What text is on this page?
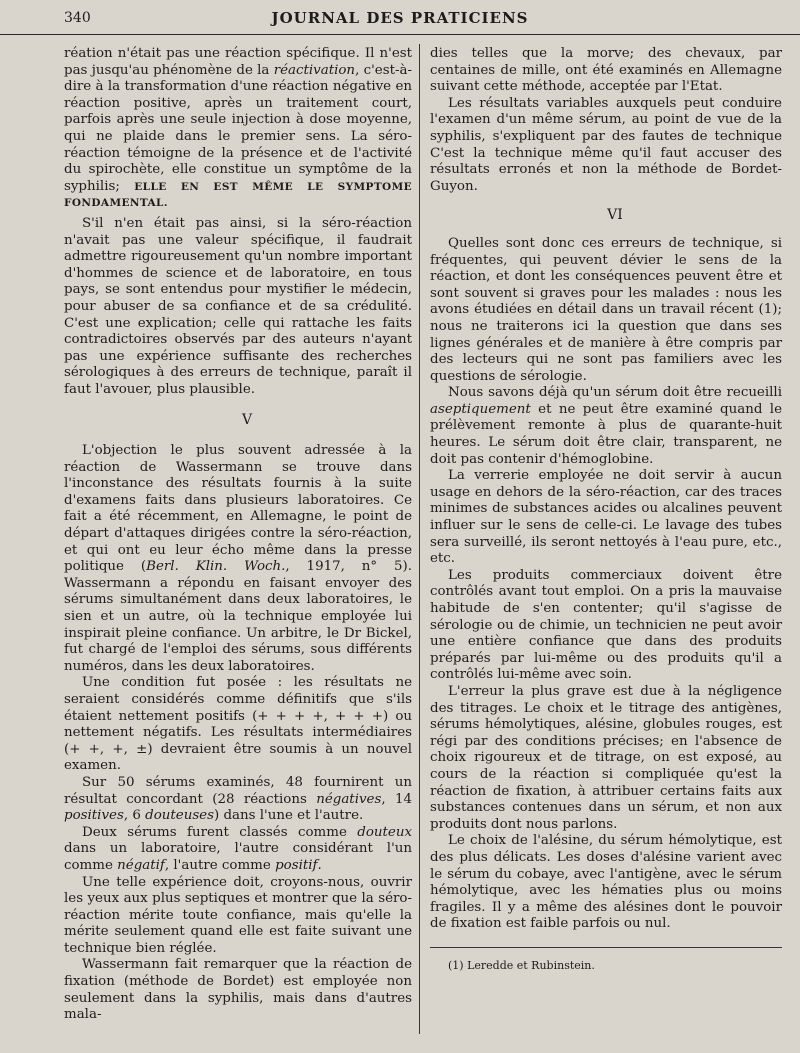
340	JOURNAL DES PRATICIENS

réation n'était pas une réaction spécifique. Il n'est pas jusqu'au phénomène de la réactivation, c'est-à-dire à la transformation d'une réaction négative en réaction positive, après un traitement court, parfois après une seule injection à dose moyenne, qui ne plaide dans le premier sens. La séro-réaction témoigne de la présence et de l'activité du spirochète, elle constitue un symptôme de la syphilis; ELLE EN EST MÊME LE SYMPTOME FONDAMENTAL.

S'il n'en était pas ainsi, si la séro-réaction n'avait pas une valeur spécifique, il faudrait admettre rigoureusement qu'un nombre important d'hommes de science et de laboratoire, en tous pays, se sont entendus pour mystifier le médecin, pour abuser de sa confiance et de sa crédulité. C'est une explication; celle qui rattache les faits contradictoires observés par des auteurs n'ayant pas une expérience suffisante des recherches sérologiques à des erreurs de technique, paraît il faut l'avouer, plus plausible.

V

L'objection le plus souvent adressée à la réaction de Wassermann se trouve dans l'inconstance des résultats fournis à la suite d'examens faits dans plusieurs laboratoires. Ce fait a été récemment, en Allemagne, le point de départ d'attaques dirigées contre la séro-réaction, et qui ont eu leur écho même dans la presse politique (Berl. Klin. Woch., 1917, n° 5). Wassermann a répondu en faisant envoyer des sérums simultanément dans deux laboratoires, le sien et un autre, où la technique employée lui inspirait pleine confiance. Un arbitre, le Dr Bickel, fut chargé de l'emploi des sérums, sous différents numéros, dans les deux laboratoires.

Une condition fut posée : les résultats ne seraient considérés comme définitifs que s'ils étaient nettement positifs (+ + + +, + + +) ou nettement négatifs. Les résultats intermédiaires (+ +, +, ±) devraient être soumis à un nouvel examen.

Sur 50 sérums examinés, 48 fournirent un résultat concordant (28 réactions négatives, 14 positives, 6 douteuses) dans l'une et l'autre.

Deux sérums furent classés comme douteux dans un laboratoire, l'autre considérant l'un comme négatif, l'autre comme positif.

Une telle expérience doit, croyons-nous, ouvrir les yeux aux plus septiques et montrer que la séro-réaction mérite toute confiance, mais qu'elle la mérite seulement quand elle est faite suivant une technique bien réglée.

Wassermann fait remarquer que la réaction de fixation (méthode de Bordet) est employée non seulement dans la syphilis, mais dans d'autres mala-

dies telles que la morve; des chevaux, par centaines de mille, ont été examinés en Allemagne suivant cette méthode, acceptée par l'Etat.

Les résultats variables auxquels peut conduire l'examen d'un même sérum, au point de vue de la syphilis, s'expliquent par des fautes de technique C'est la technique même qu'il faut accuser des résultats erronés et non la méthode de Bordet-Guyon.

VI

Quelles sont donc ces erreurs de technique, si fréquentes, qui peuvent dévier le sens de la réaction, et dont les conséquences peuvent être et sont souvent si graves pour les malades : nous les avons étudiées en détail dans un travail récent (1); nous ne traiterons ici la question que dans ses lignes générales et de manière à être compris par des lecteurs qui ne sont pas familiers avec les questions de sérologie.

Nous savons déjà qu'un sérum doit être recueilli aseptiquement et ne peut être examiné quand le prélèvement remonte à plus de quarante-huit heures. Le sérum doit être clair, transparent, ne doit pas contenir d'hémoglobine.

La verrerie employée ne doit servir à aucun usage en dehors de la séro-réaction, car des traces minimes de substances acides ou alcalines peuvent influer sur le sens de celle-ci. Le lavage des tubes sera surveillé, ils seront nettoyés à l'eau pure, etc., etc.

Les produits commerciaux doivent être contrôlés avant tout emploi. On a pris la mauvaise habitude de s'en contenter; qu'il s'agisse de sérologie ou de chimie, un technicien ne peut avoir une entière confiance que dans des produits préparés par lui-même ou des produits qu'il a contrôlés lui-même avec soin.

L'erreur la plus grave est due à la négligence des titrages. Le choix et le titrage des antigènes, sérums hémolytiques, alésine, globules rouges, est régi par des conditions précises; en l'absence de choix rigoureux et de titrage, on est exposé, au cours de la réaction si compliquée qu'est la réaction de fixation, à attribuer certains faits aux substances contenues dans un sérum, et non aux produits dont nous parlons.

Le choix de l'alésine, du sérum hémolytique, est des plus délicats. Les doses d'alésine varient avec le sérum du cobaye, avec l'antigène, avec le sérum hémolytique, avec les hématies plus ou moins fragiles. Il y a même des alésines dont le pouvoir de fixation est faible parfois ou nul.

(1) Leredde et Rubinstein.
